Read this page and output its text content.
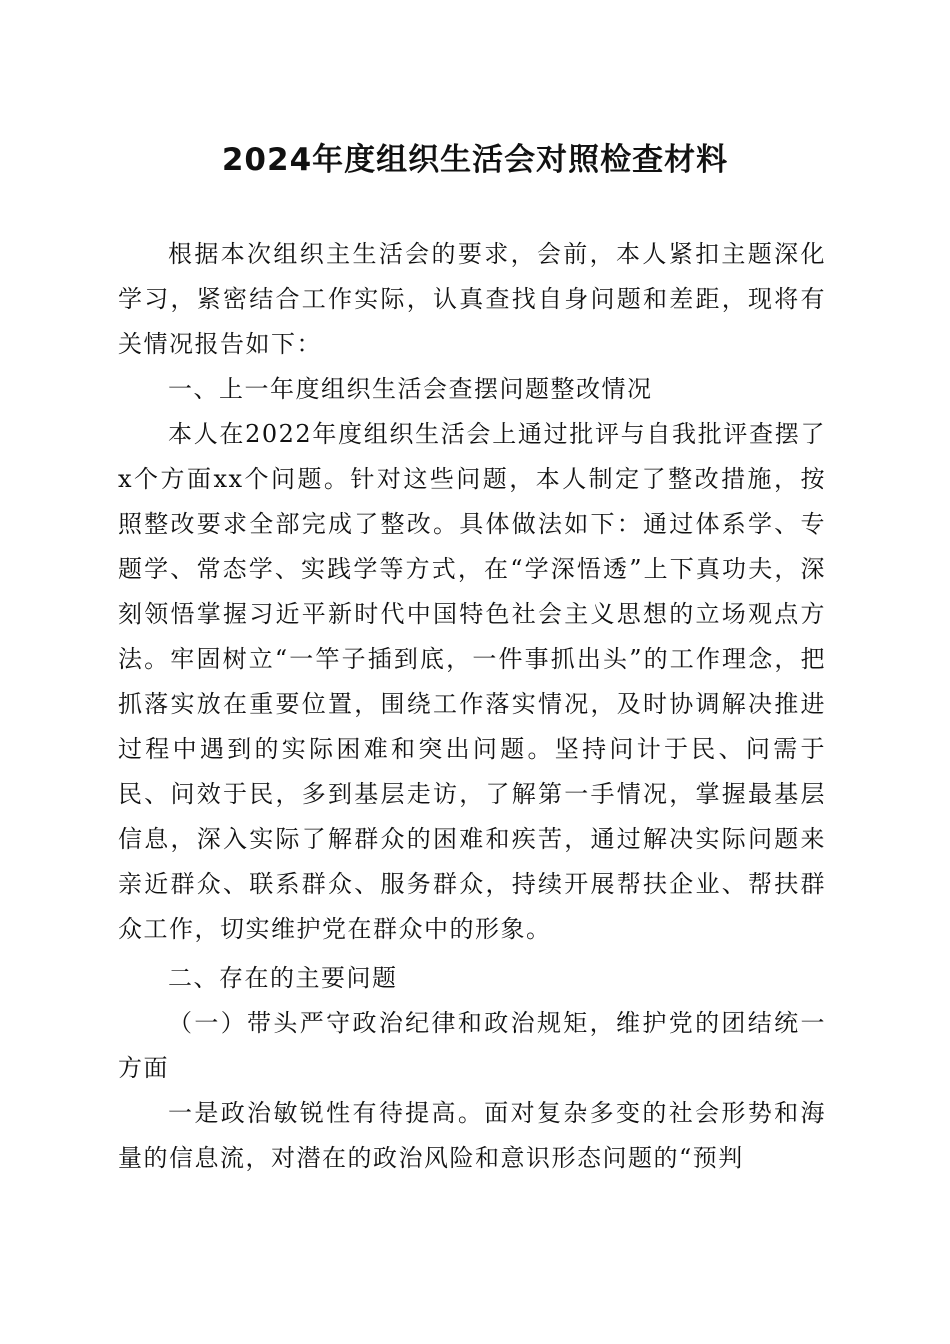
2024年度组织生活会对照检查材料

根据本次组织主生活会的要求，会前，本人紧扣主题深化学习，紧密结合工作实际，认真查找自身问题和差距，现将有关情况报告如下：

一、上一年度组织生活会查摆问题整改情况

本人在2022年度组织生活会上通过批评与自我批评查摆了x个方面xx个问题。针对这些问题，本人制定了整改措施，按照整改要求全部完成了整改。具体做法如下：通过体系学、专题学、常态学、实践学等方式，在“学深悟透”上下真功夫，深刻领悟掌握习近平新时代中国特色社会主义思想的立场观点方法。牢固树立“一竿子插到底，一件事抓出头”的工作理念，把抓落实放在重要位置，围绕工作落实情况，及时协调解决推进过程中遇到的实际困难和突出问题。坚持问计于民、问需于民、问效于民，多到基层走访，了解第一手情况，掌握最基层信息，深入实际了解群众的困难和疾苦，通过解决实际问题来亲近群众、联系群众、服务群众，持续开展帮扶企业、帮扶群众工作，切实维护党在群众中的形象。

二、存在的主要问题

（一）带头严守政治纪律和政治规矩，维护党的团结统一方面

一是政治敏锐性有待提高。面对复杂多变的社会形势和海量的信息流，对潜在的政治风险和意识形态问题的“预判
